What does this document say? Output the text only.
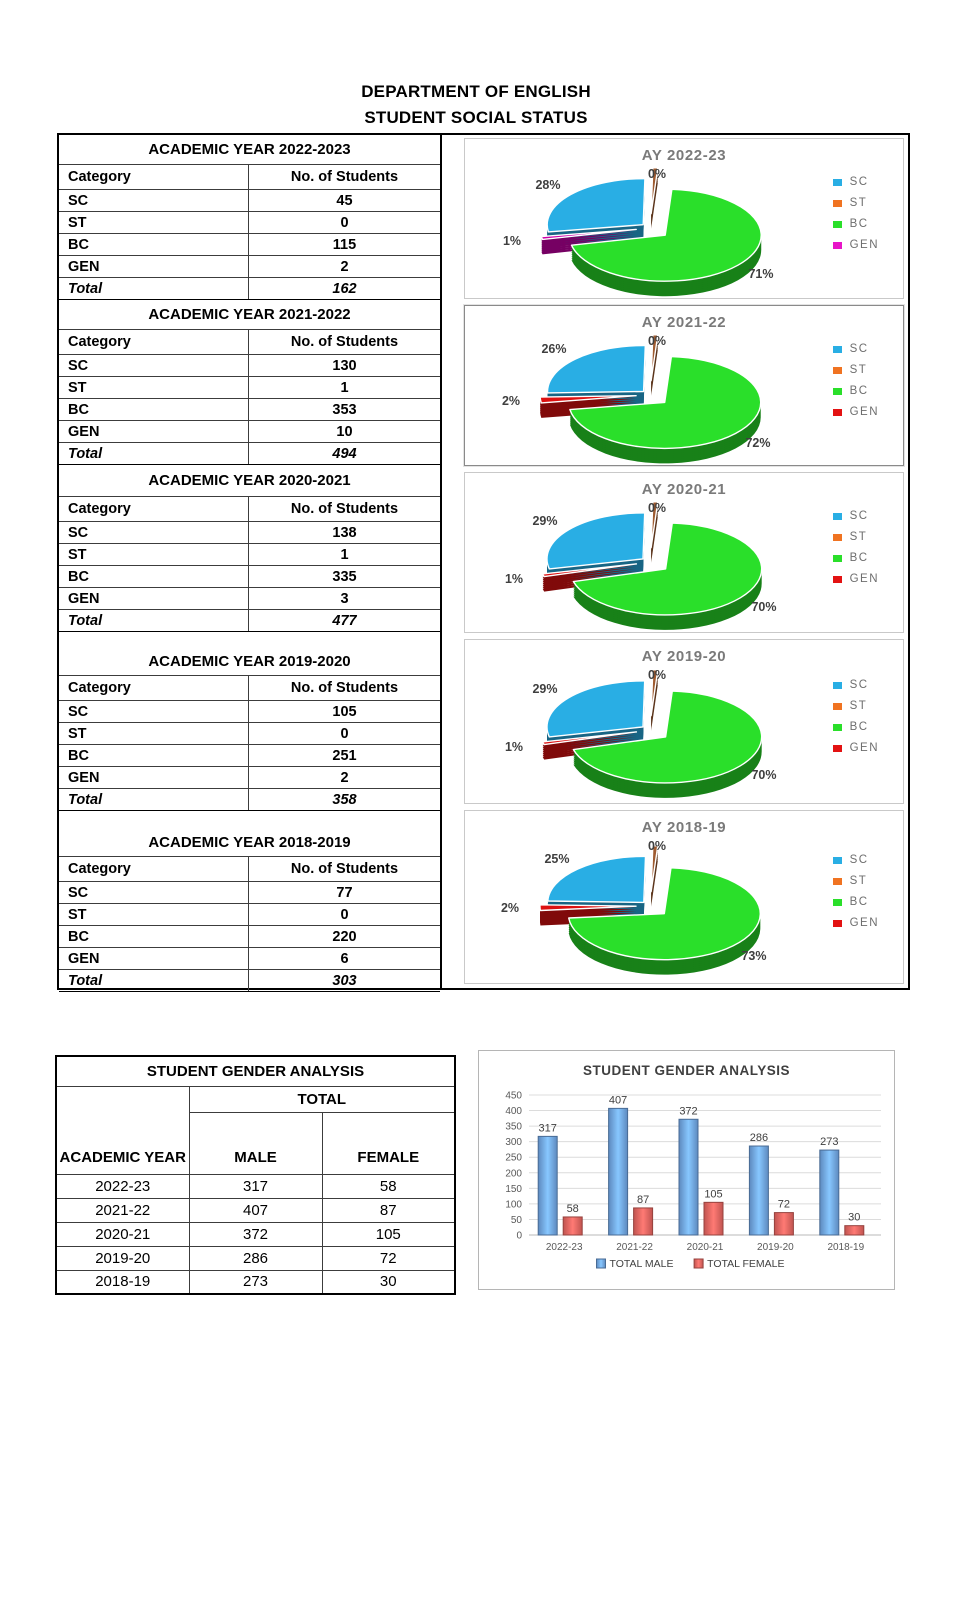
DEPARTMENT OF ENGLISH
STUDENT SOCIAL STATUS
ACADEMIC YEAR 2022-2023
Category	No. of Students
SC	45
ST	0
BC	115
GEN	2
Total	162
ACADEMIC YEAR 2021-2022
Category	No. of Students
SC	130
ST	1
BC	353
GEN	10
Total	494
ACADEMIC YEAR 2020-2021
Category	No. of Students
SC	138
ST	1
BC	335
GEN	3
Total	477
ACADEMIC YEAR 2019-2020
Category	No. of Students
SC	105
ST	0
BC	251
GEN	2
Total	358
ACADEMIC YEAR 2018-2019
Category	No. of Students
SC	77
ST	0
BC	220
GEN	6
Total	303
AY 2022-23
0%
28%
1%
71%
SC
ST
BC
GEN
AY 2021-22
0%
26%
2%
72%
SC
ST
BC
GEN
AY 2020-21
0%
29%
1%
70%
SC
ST
BC
GEN
AY 2019-20
0%
29%
1%
70%
SC
ST
BC
GEN
AY 2018-19
0%
25%
2%
73%
SC
ST
BC
GEN
STUDENT GENDER ANALYSIS		
ACADEMIC YEAR	TOTAL	
	MALE	FEMALE
2022-23	317	58
2021-22	407	87
2020-21	372	105
2019-20	286	72
2018-19	273	30
STUDENT GENDER ANALYSIS
0
50
100
150
200
250
300
350
400
450
317
58
2022-23
407
87
2021-22
372
105
2020-21
286
72
2019-20
273
30
2018-19
TOTAL MALE	TOTAL FEMALE
